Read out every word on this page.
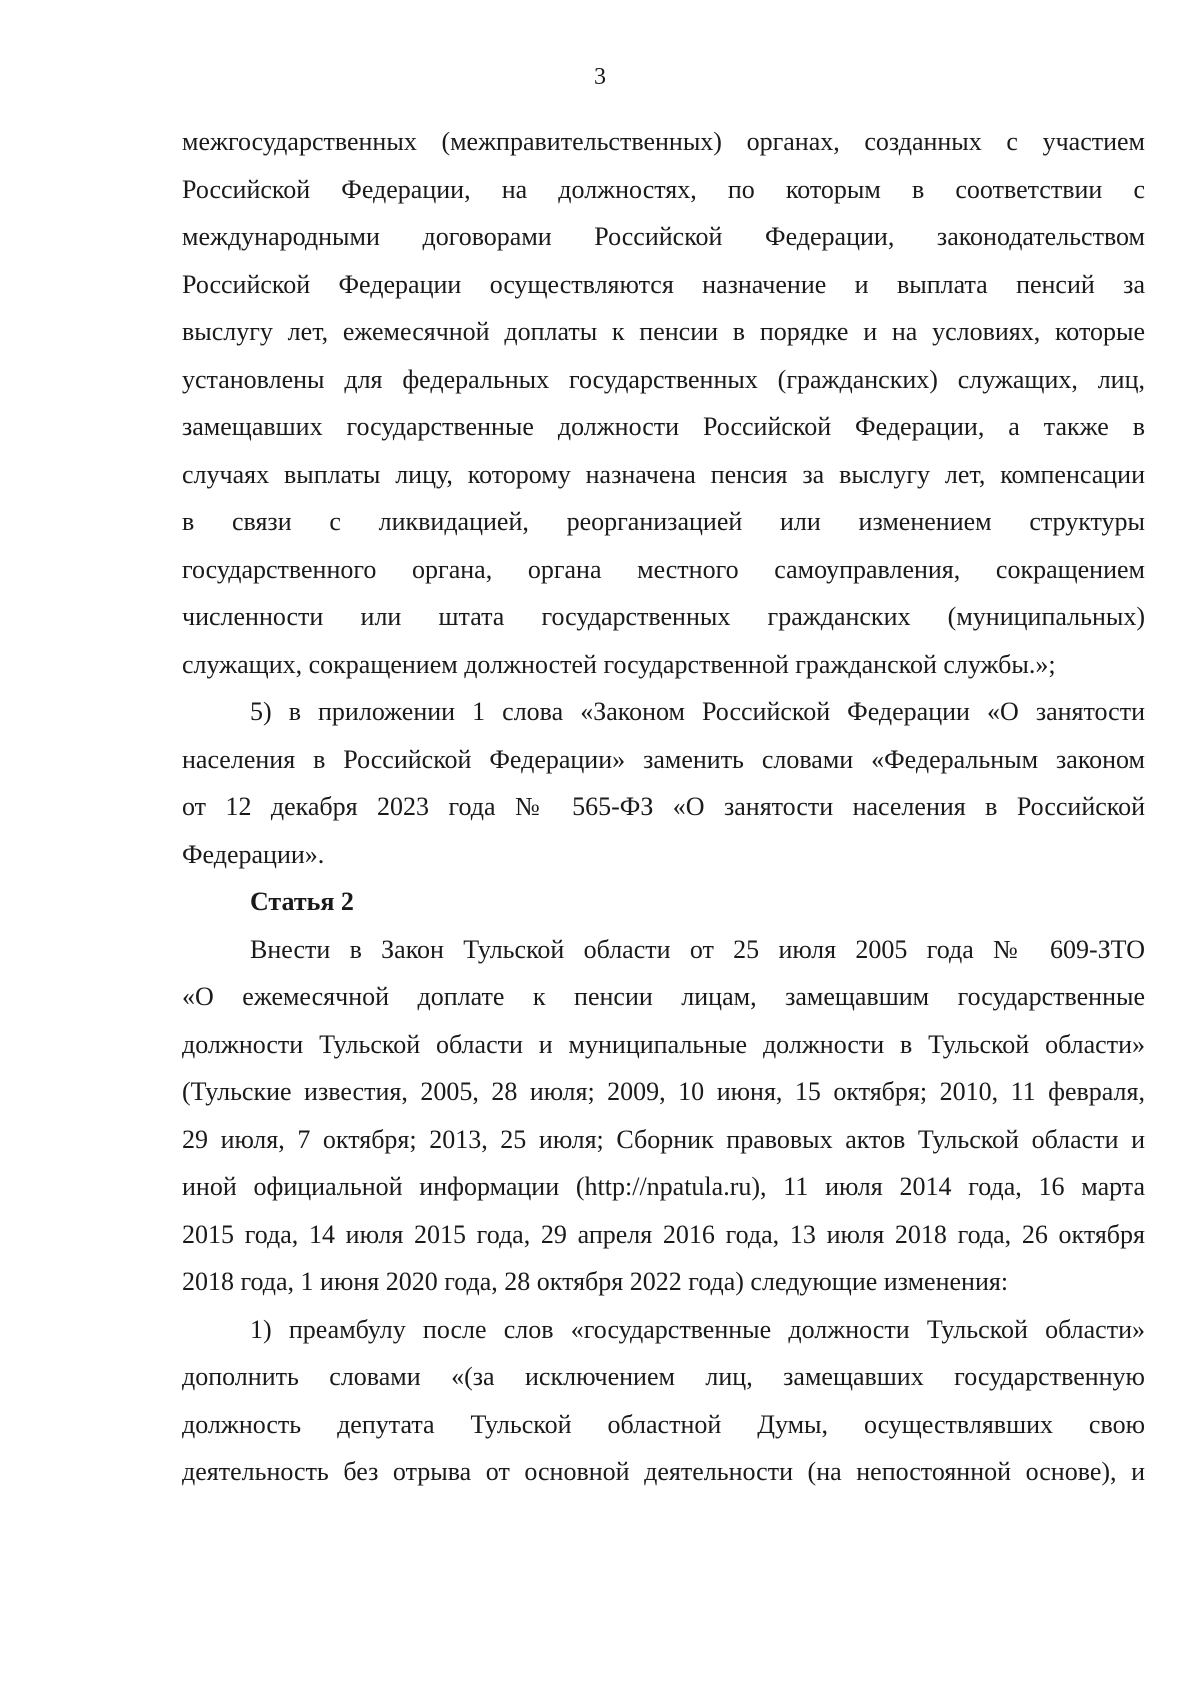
3

межгосударственных (межправительственных) органах, созданных с участием
Российской Федерации, на должностях, по которым в соответствии с
международными договорами Российской Федерации, законодательством
Российской Федерации осуществляются назначение и выплата пенсий за
выслугу лет, ежемесячной доплаты к пенсии в порядке и на условиях, которые
установлены для федеральных государственных (гражданских) служащих, лиц,
замещавших государственные должности Российской Федерации, а также в
случаях выплаты лицу, которому назначена пенсия за выслугу лет, компенсации
в связи с ликвидацией, реорганизацией или изменением структуры
государственного органа, органа местного самоуправления, сокращением
численности или штата государственных гражданских (муниципальных)
служащих, сокращением должностей государственной гражданской службы.»;

5) в приложении 1 слова «Законом Российской Федерации «О занятости
населения в Российской Федерации» заменить словами «Федеральным законом
от 12 декабря 2023 года № 565-ФЗ «О занятости населения в Российской
Федерации».

Статья 2

Внести в Закон Тульской области от 25 июля 2005 года № 609-ЗТО
«О ежемесячной доплате к пенсии лицам, замещавшим государственные
должности Тульской области и муниципальные должности в Тульской области»
(Тульские известия, 2005, 28 июля; 2009, 10 июня, 15 октября; 2010, 11 февраля,
29 июля, 7 октября; 2013, 25 июля; Сборник правовых актов Тульской области и
иной официальной информации (http://npatula.ru), 11 июля 2014 года, 16 марта
2015 года, 14 июля 2015 года, 29 апреля 2016 года, 13 июля 2018 года, 26 октября
2018 года, 1 июня 2020 года, 28 октября 2022 года) следующие изменения:

1) преамбулу после слов «государственные должности Тульской области»
дополнить словами «(за исключением лиц, замещавших государственную
должность депутата Тульской областной Думы, осуществлявших свою
деятельность без отрыва от основной деятельности (на непостоянной основе), и
